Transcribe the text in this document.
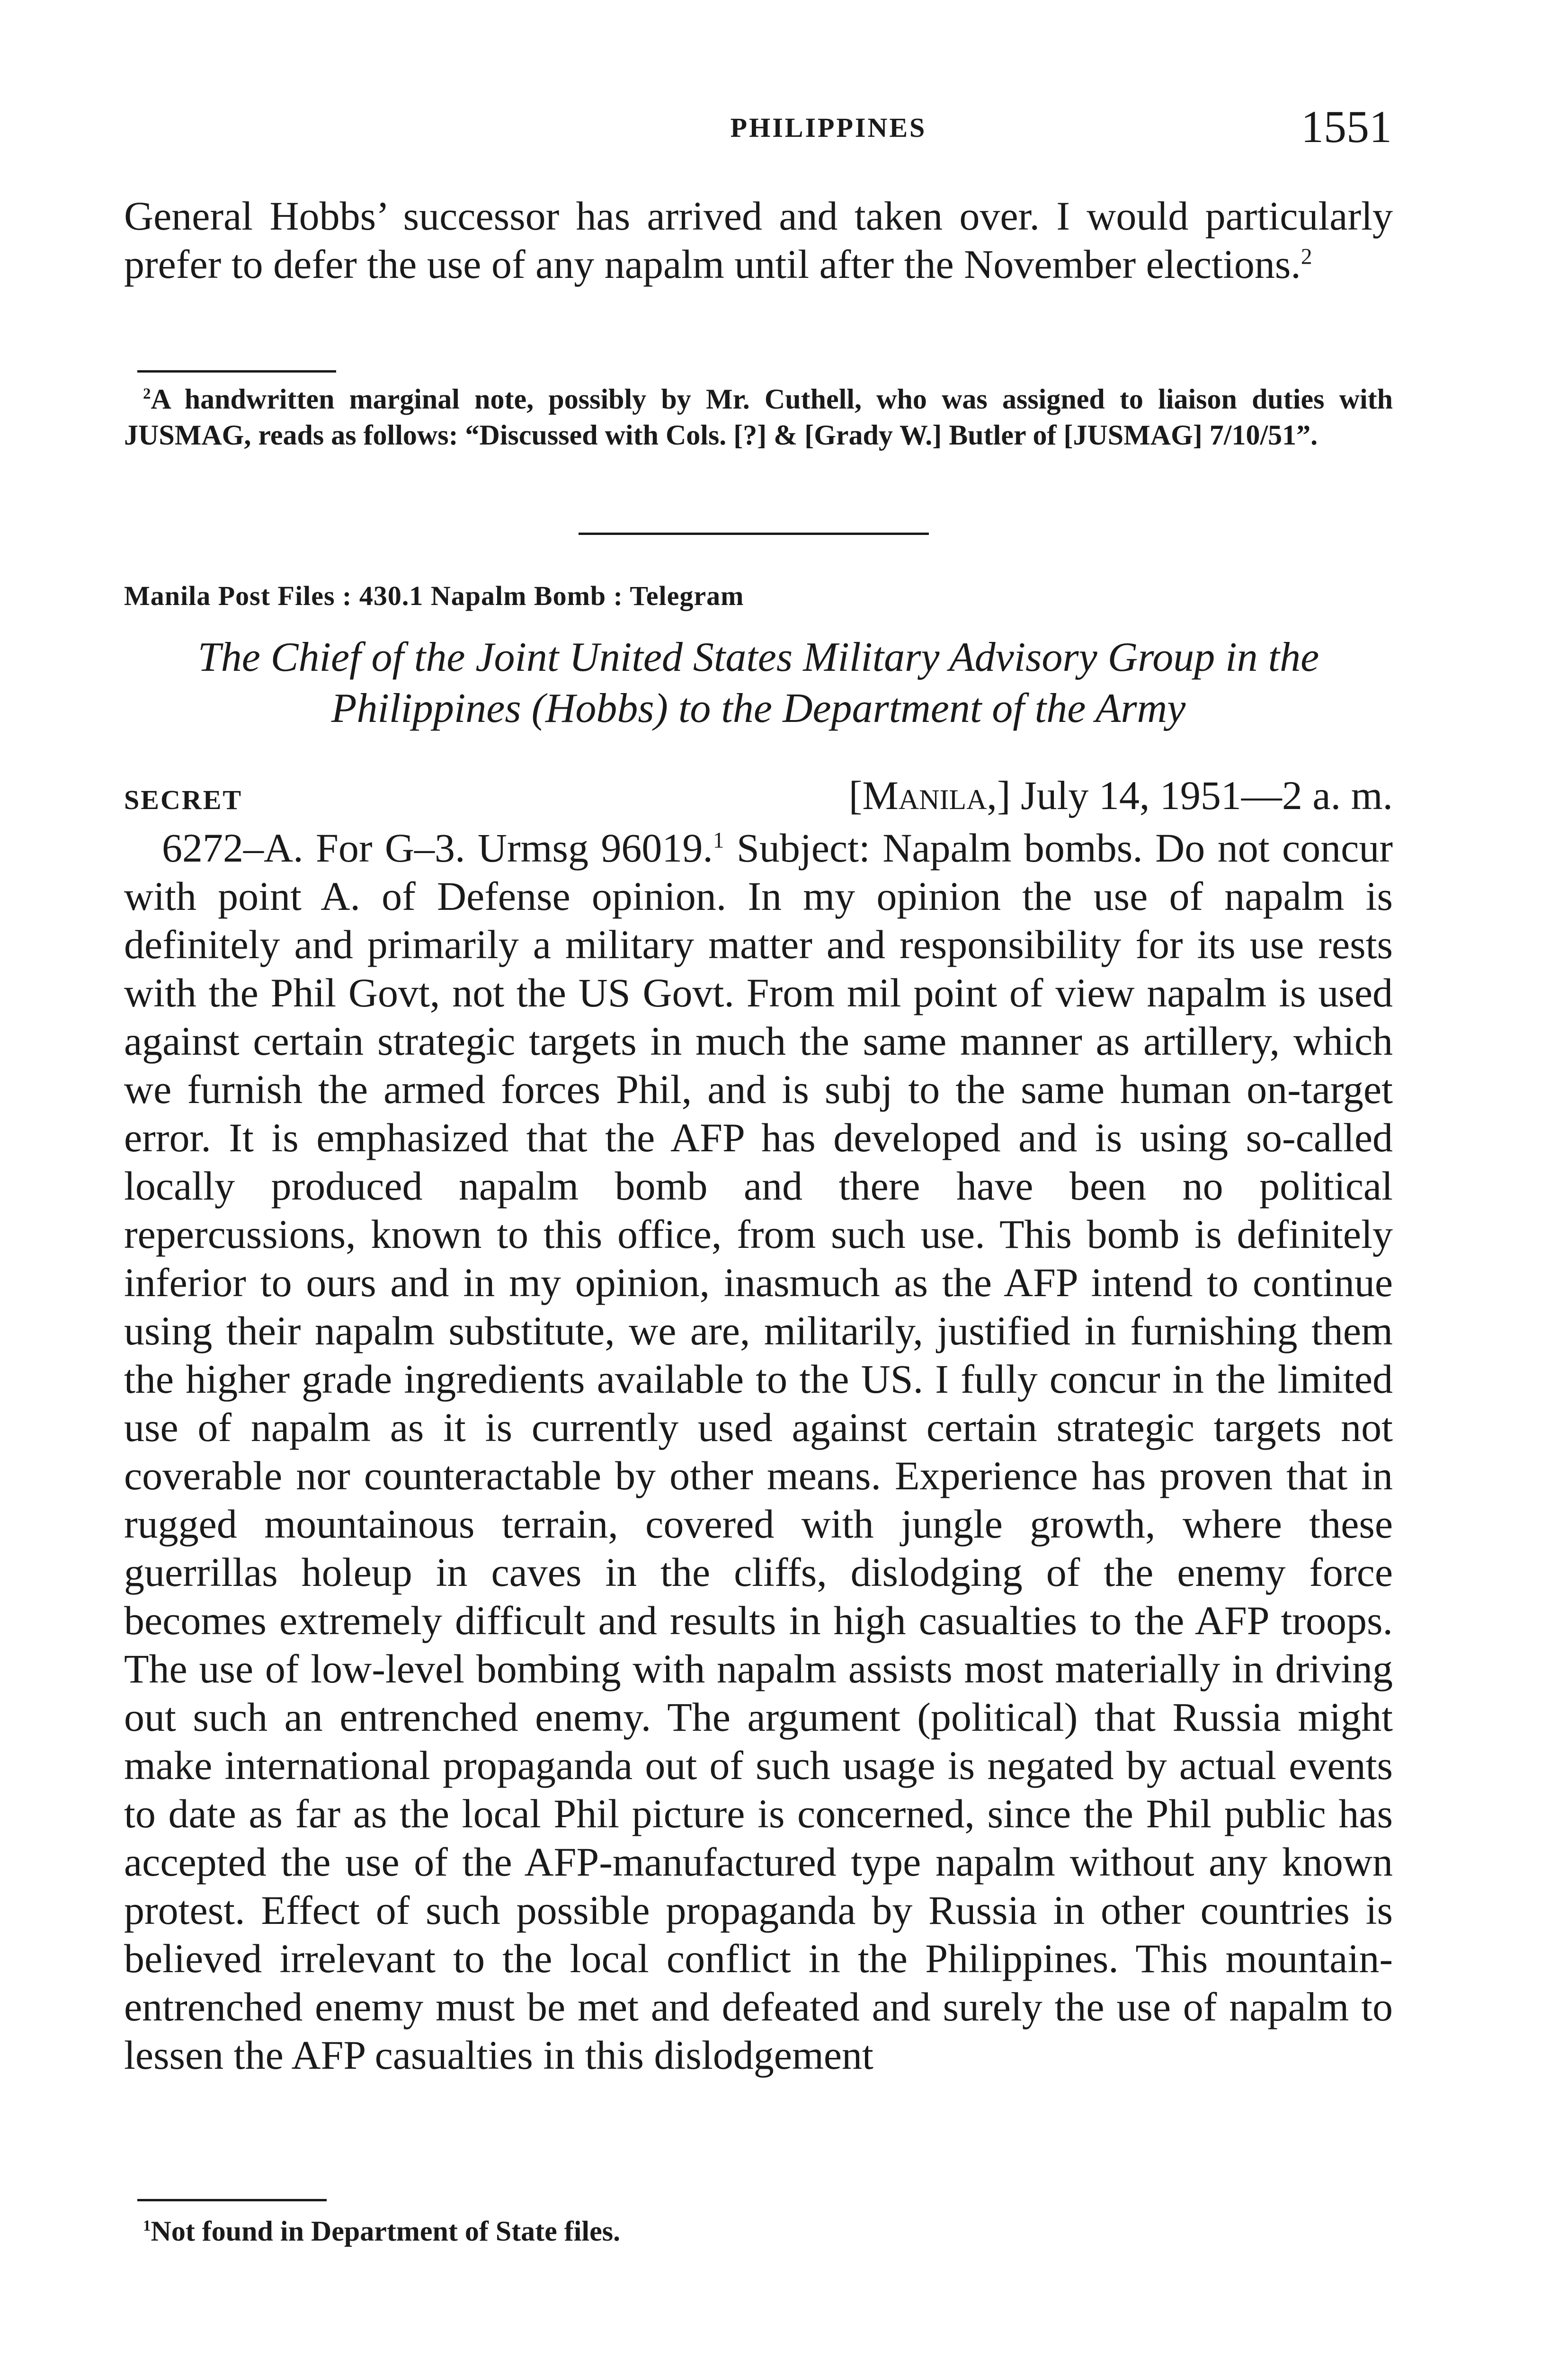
PHILIPPINES	1551

General Hobbs’ successor has arrived and taken over. I would particularly prefer to defer the use of any napalm until after the November elections.$^2$

$^2$A handwritten marginal note, possibly by Mr. Cuthell, who was assigned to liaison duties with JUSMAG, reads as follows: “Discussed with Cols. [?] & [Grady W.] Butler of [JUSMAG] 7/10/51”.

Manila Post Files : 430.1 Napalm Bomb : Telegram

The Chief of the Joint United States Military Advisory Group in the

Philippines (Hobbs) to the Department of the Army

SECRET	[Manila,] July 14, 1951—2 a. m.

6272–A. For G–3. Urmsg 96019.$^1$ Subject: Napalm bombs. Do not concur with point A. of Defense opinion. In my opinion the use of napalm is definitely and primarily a military matter and responsibility for its use rests with the Phil Govt, not the US Govt. From mil point of view napalm is used against certain strategic targets in much the same manner as artillery, which we furnish the armed forces Phil, and is subj to the same human on-target error. It is emphasized that the AFP has developed and is using so-called locally produced napalm bomb and there have been no political repercussions, known to this office, from such use. This bomb is definitely inferior to ours and in my opinion, inasmuch as the AFP intend to continue using their napalm substitute, we are, militarily, justified in furnishing them the higher grade ingredients available to the US. I fully concur in the limited use of napalm as it is currently used against certain strategic targets not coverable nor counteractable by other means. Experience has proven that in rugged mountainous terrain, covered with jungle growth, where these guerrillas holeup in caves in the cliffs, dislodging of the enemy force becomes extremely difficult and results in high casualties to the AFP troops. The use of low-level bombing with napalm assists most materially in driving out such an entrenched enemy. The argument (political) that Russia might make international propaganda out of such usage is negated by actual events to date as far as the local Phil picture is concerned, since the Phil public has accepted the use of the AFP-manufactured type napalm without any known protest. Effect of such possible propaganda by Russia in other countries is believed irrelevant to the local conflict in the Philippines. This mountain-entrenched enemy must be met and defeated and surely the use of napalm to lessen the AFP casualties in this dislodgement

$^1$Not found in Department of State files.
